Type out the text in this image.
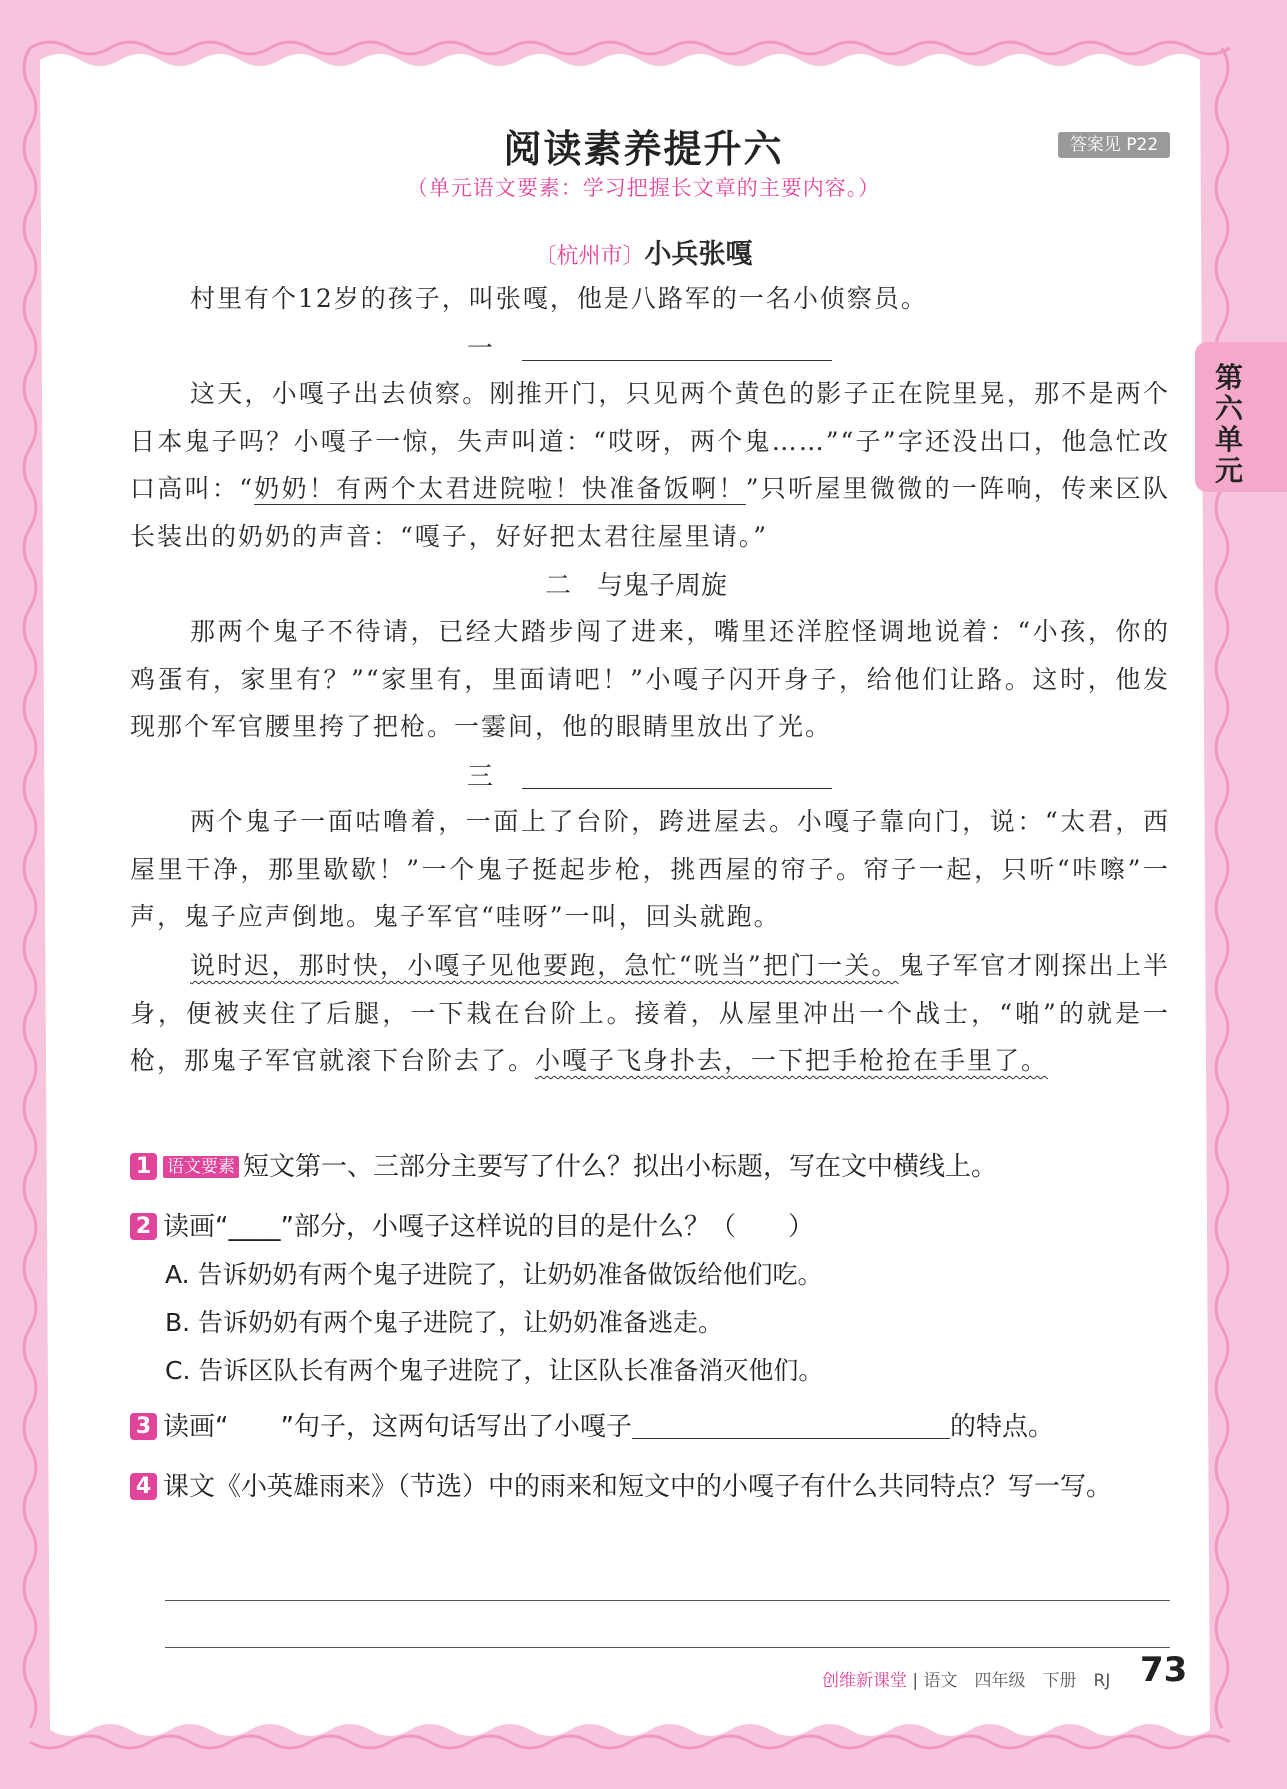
阅读素养提升六	答案见 P22
（单元语文要素：学习把握长文章的主要内容。）
第六单元
〔杭州市〕小兵张嘎
村里有个12岁的孩子，叫张嘎，他是八路军的一名小侦察员。
一
这天，小嘎子出去侦察。刚推开门，只见两个黄色的影子正在院里晃，那不是两个日本鬼子吗？小嘎子一惊，失声叫道：“哎呀，两个鬼……”“子”字还没出口，他急忙改口高叫：“奶奶！有两个太君进院啦！快准备饭啊！”只听屋里微微的一阵响，传来区队长装出的奶奶的声音：“嘎子，好好把太君往屋里请。”
二　与鬼子周旋
那两个鬼子不待请，已经大踏步闯了进来，嘴里还洋腔怪调地说着：“小孩，你的鸡蛋有，家里有？”“家里有，里面请吧！”小嘎子闪开身子，给他们让路。这时，他发现那个军官腰里挎了把枪。一霎间，他的眼睛里放出了光。
三
两个鬼子一面咕噜着，一面上了台阶，跨进屋去。小嘎子靠向门，说：“太君，西屋里干净，那里歇歇！”一个鬼子挺起步枪，挑西屋的帘子。帘子一起，只听“咔嚓”一声，鬼子应声倒地。鬼子军官“哇呀”一叫，回头就跑。
说时迟，那时快，小嘎子见他要跑，急忙“咣当”把门一关。鬼子军官才刚探出上半身，便被夹住了后腿，一下栽在台阶上。接着，从屋里冲出一个战士，“啪”的就是一枪，那鬼子军官就滚下台阶去了。小嘎子飞身扑去，一下把手枪抢在手里了。
1 语文要素 短文第一、三部分主要写了什么？拟出小标题，写在文中横线上。
2 读画“____”部分，小嘎子这样说的目的是什么？（　　）
A. 告诉奶奶有两个鬼子进院了，让奶奶准备做饭给他们吃。
B. 告诉奶奶有两个鬼子进院了，让奶奶准备逃走。
C. 告诉区队长有两个鬼子进院了，让区队长准备消灭他们。
3 读画“ ”句子，这两句话写出了小嘎子	的特点。
4 课文《小英雄雨来》（节选）中的雨来和短文中的小嘎子有什么共同特点？写一写。
创维新课堂 | 语文　四年级　下册　RJ 73
